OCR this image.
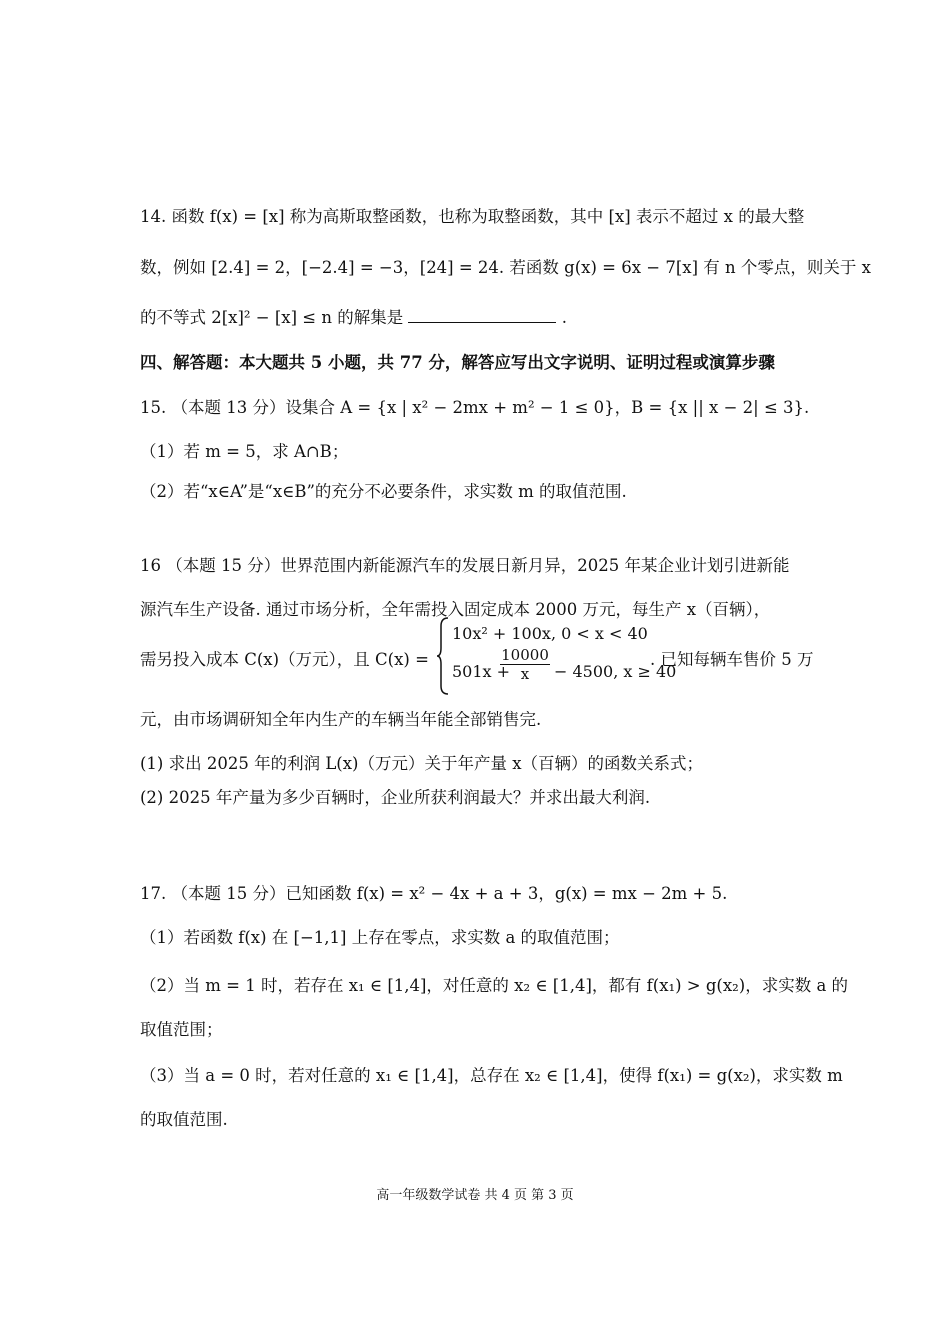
14. 函数 f(x) = [x] 称为高斯取整函数，也称为取整函数，其中 [x] 表示不超过 x 的最大整
数，例如 [2.4] = 2，[−2.4] = −3，[24] = 24. 若函数 g(x) = 6x − 7[x] 有 n 个零点，则关于 x
的不等式 2[x]² − [x] ≤ n 的解集是	.
四、解答题：本大题共 5 小题，共 77 分，解答应写出文字说明、证明过程或演算步骤
15. （本题 13 分）设集合 A = {x | x² − 2mx + m² − 1 ≤ 0}，B = {x || x − 2| ≤ 3}.
（1）若 m = 5，求 A∩B；
（2）若“x∈A”是“x∈B”的充分不必要条件，求实数 m 的取值范围.
16 （本题 15 分）世界范围内新能源汽车的发展日新月异，2025 年某企业计划引进新能
源汽车生产设备. 通过市场分析，全年需投入固定成本 2000 万元，每生产 x（百辆），
需另投入成本 C(x)（万元），且 C(x) =
10x² + 100x, 0 < x < 40
501x +
$\frac{10000}{x} - 4500$, x ≥ 40
. 已知每辆车售价 5 万
元，由市场调研知全年内生产的车辆当年能全部销售完.
(1) 求出 2025 年的利润 L(x)（万元）关于年产量 x（百辆）的函数关系式；
(2) 2025 年产量为多少百辆时，企业所获利润最大？并求出最大利润.
17. （本题 15 分）已知函数 f(x) = x² − 4x + a + 3，g(x) = mx − 2m + 5.
（1）若函数 f(x) 在 [−1,1] 上存在零点，求实数 a 的取值范围；
（2）当 m = 1 时，若存在 x₁ ∈ [1,4]，对任意的 x₂ ∈ [1,4]，都有 f(x₁) > g(x₂)，求实数 a 的
取值范围；
（3）当 a = 0 时，若对任意的 x₁ ∈ [1,4]，总存在 x₂ ∈ [1,4]，使得 f(x₁) = g(x₂)，求实数 m
的取值范围.
高一年级数学试卷 共 4 页 第 3 页
